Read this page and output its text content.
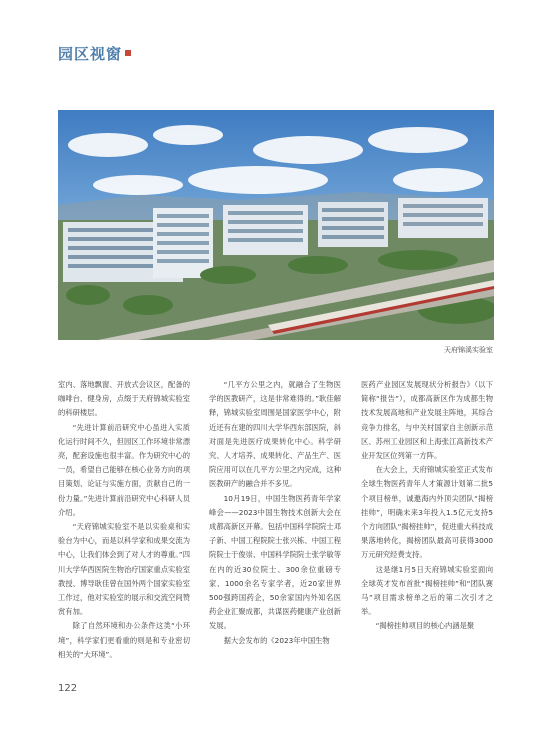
园区视窗
天府锦溪实验室

室内、落地飘窗、开放式会议区，配备的咖啡台、健身房，点缀于天府锦城实验室的科研楼层。

“先进计算前沿研究中心虽进入实质化运行时间不久，但园区工作环境非常漂亮，配套设施也很丰富。作为研究中心的一员，希望自己能够在核心业务方向的项目策划、论证与实施方面，贡献自己的一份力量。”先进计算前沿研究中心科研人员介绍。

“天府锦城实验室不是以实验桌和实验台为中心，而是以科学家和成果交流为中心，让我们体会到了对人才的尊重。”四川大学华西医院生物治疗国家重点实验室教授、博导耿佳曾在国外两个国家实验室工作过，他对实验室的展示和交流空间赞赏有加。

除了自然环境和办公条件这类“小环境”，科学家们更看重的则是和专业密切相关的“大环境”。

“几平方公里之内，就融合了生物医学的医教研产，这是非常难得的。”耿佳解释，锦城实验室周围是国家医学中心，附近还有在建的四川大学华西东部医院，斜对面是先进医疗成果转化中心。科学研究、人才培养、成果转化、产品生产、医院应用可以在几平方公里之内完成，这种医教研产的融合并不多见。

10月19日，中国生物医药青年学家峰会——2023中国生物技术创新大会在成都高新区开幕。包括中国科学院院士邓子新、中国工程院院士张兴栋、中国工程院院士于俊崇、中国科学院院士张学敏等在内的近30位院士、300余位重磅专家、1000余名专家学者，近20家世界500强跨国药企，50余家国内外知名医药企业汇聚成都，共谋医药健康产业创新发展。

据大会发布的《2023年中国生物

医药产业园区发展现状分析报告》（以下简称“报告”），成都高新区作为成都生物技术发展高地和产业发展主阵地，其综合竞争力排名，与中关村国家自主创新示范区、苏州工业园区和上海张江高新技术产业开发区位列第一方阵。

在大会上，天府锦城实验室正式发布全球生物医药青年人才策源计划第二批5个项目榜单，诚邀海内外顶尖团队“揭榜挂帅”，明确未来3年投入1.5亿元支持5个方向团队“揭榜挂帅”，促进重大科技成果落地转化，揭榜团队最高可获得3000万元研究经费支持。

这是继1月5日天府锦城实验室面向全球英才发布首批“揭榜挂帅”和“团队赛马”项目需求榜单之后的第二次引才之举。

“揭榜挂帅项目的核心内涵是聚

122
